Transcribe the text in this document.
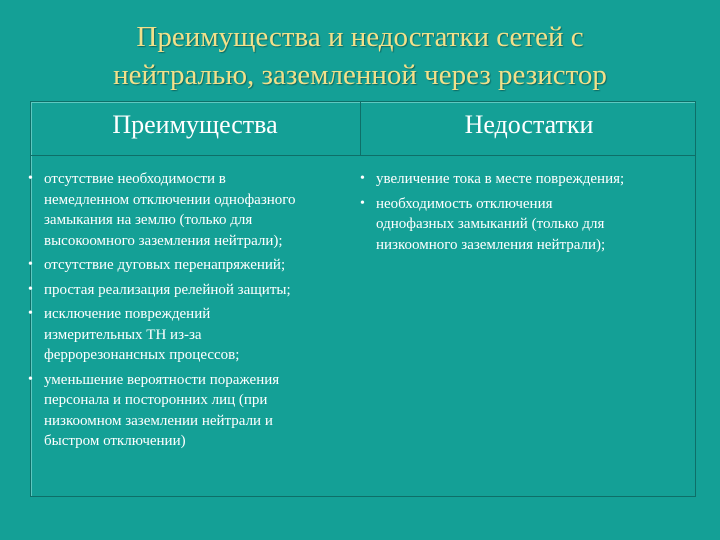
Преимущества и недостатки сетей с
нейтралью, заземленной через резистор
Преимущества	Недостатки
• отсутствие необходимости в
немедленном отключении однофазного
замыкания на землю (только для
высокоомного заземления нейтрали);
• отсутствие дуговых перенапряжений;
• простая реализация релейной защиты;
• исключение повреждений
измерительных ТН из-за
феррорезонансных процессов;
• уменьшение вероятности поражения
персонала и посторонних лиц (при
низкоомном заземлении нейтрали и
быстром отключении)
• увеличение тока в месте повреждения;
• необходимость отключения
однофазных замыканий (только для
низкоомного заземления нейтрали);
